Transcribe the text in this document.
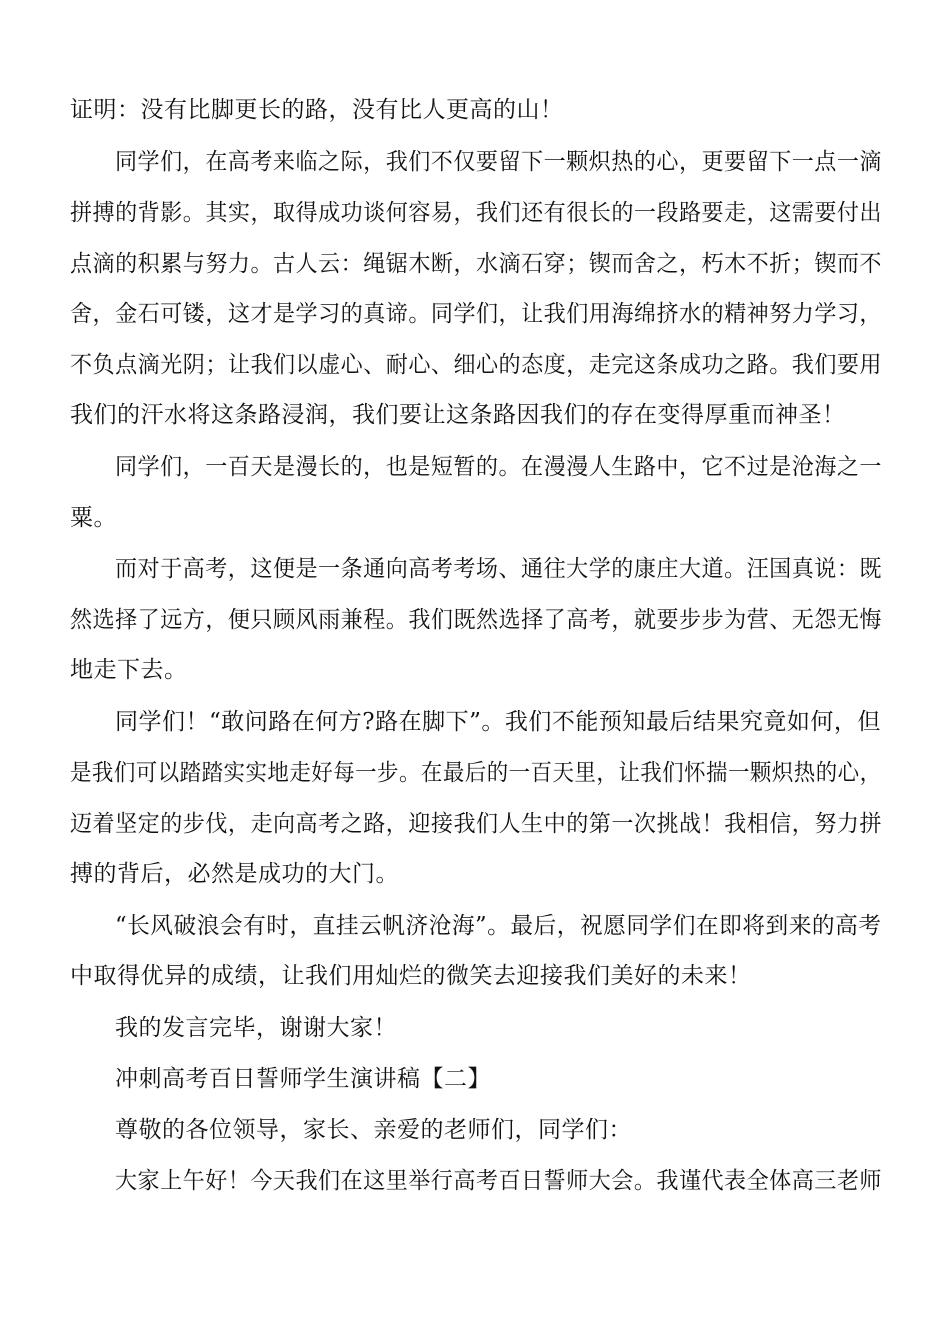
证明：没有比脚更长的路，没有比人更高的山！
同学们，在高考来临之际，我们不仅要留下一颗炽热的心，更要留下一点一滴
拼搏的背影。其实，取得成功谈何容易，我们还有很长的一段路要走，这需要付出
点滴的积累与努力。古人云：绳锯木断，水滴石穿；锲而舍之，朽木不折；锲而不
舍，金石可镂，这才是学习的真谛。同学们，让我们用海绵挤水的精神努力学习，
不负点滴光阴；让我们以虚心、耐心、细心的态度，走完这条成功之路。我们要用
我们的汗水将这条路浸润，我们要让这条路因我们的存在变得厚重而神圣！
同学们，一百天是漫长的，也是短暂的。在漫漫人生路中，它不过是沧海之一
粟。
而对于高考，这便是一条通向高考考场、通往大学的康庄大道。汪国真说：既
然选择了远方，便只顾风雨兼程。我们既然选择了高考，就要步步为营、无怨无悔
地走下去。
同学们！“敢问路在何方?路在脚下”。我们不能预知最后结果究竟如何，但
是我们可以踏踏实实地走好每一步。在最后的一百天里，让我们怀揣一颗炽热的心，
迈着坚定的步伐，走向高考之路，迎接我们人生中的第一次挑战！我相信，努力拼
搏的背后，必然是成功的大门。
“长风破浪会有时，直挂云帆济沧海”。最后，祝愿同学们在即将到来的高考
中取得优异的成绩，让我们用灿烂的微笑去迎接我们美好的未来！
我的发言完毕，谢谢大家！
冲刺高考百日誓师学生演讲稿【二】
尊敬的各位领导，家长、亲爱的老师们，同学们：
大家上午好！今天我们在这里举行高考百日誓师大会。我谨代表全体高三老师
